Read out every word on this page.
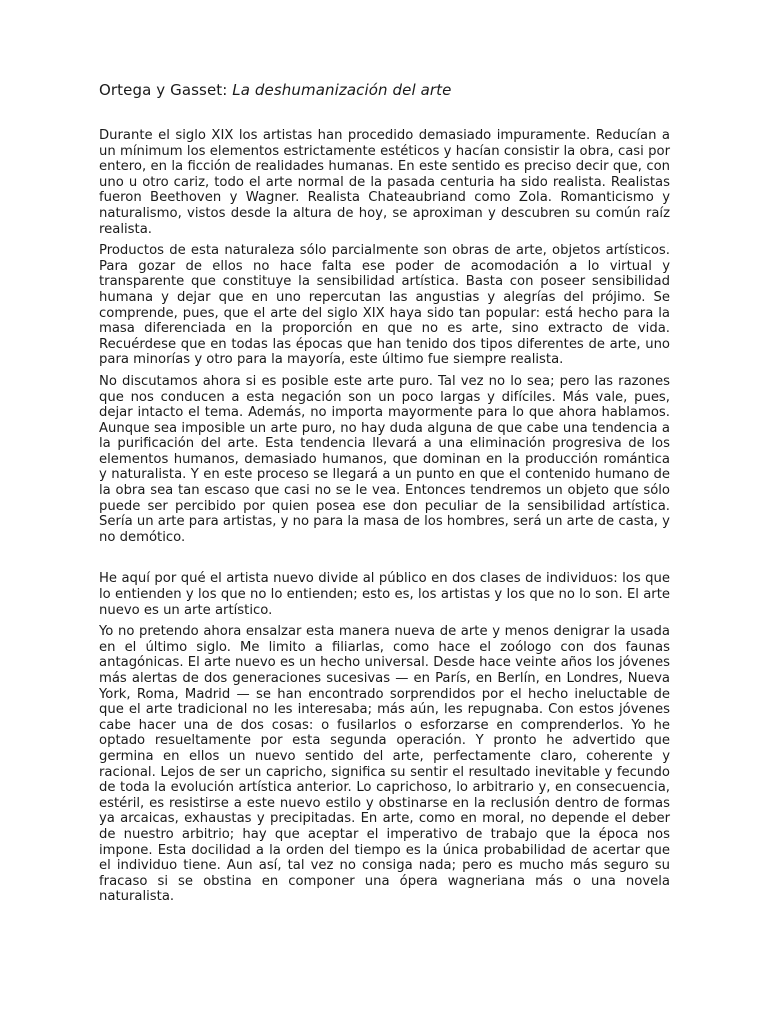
Ortega y Gasset: La deshumanización del arte

Durante el siglo XIX los artistas han procedido demasiado impuramente. Reducían a un mínimum los elementos estrictamente estéticos y hacían consistir la obra, casi por entero, en la ficción de realidades humanas. En este sentido es preciso decir que, con uno u otro cariz, todo el arte normal de la pasada centuria ha sido realista. Realistas fueron Beethoven y Wagner. Realista Chateaubriand como Zola. Romanticismo y naturalismo, vistos desde la altura de hoy, se aproximan y descubren su común raíz realista.

Productos de esta naturaleza sólo parcialmente son obras de arte, objetos artísticos. Para gozar de ellos no hace falta ese poder de acomodación a lo virtual y transparente que constituye la sensibilidad artística. Basta con poseer sensibilidad humana y dejar que en uno repercutan las angustias y alegrías del prójimo. Se comprende, pues, que el arte del siglo XIX haya sido tan popular: está hecho para la masa diferenciada en la proporción en que no es arte, sino extracto de vida. Recuérdese que en todas las épocas que han tenido dos tipos diferentes de arte, uno para minorías y otro para la mayoría, este último fue siempre realista.

No discutamos ahora si es posible este arte puro. Tal vez no lo sea; pero las razones que nos conducen a esta negación son un poco largas y difíciles. Más vale, pues, dejar intacto el tema. Además, no importa mayormente para lo que ahora hablamos. Aunque sea imposible un arte puro, no hay duda alguna de que cabe una tendencia a la purificación del arte. Esta tendencia llevará a una eliminación progresiva de los elementos humanos, demasiado humanos, que dominan en la producción romántica y naturalista. Y en este proceso se llegará a un punto en que el contenido humano de la obra sea tan escaso que casi no se le vea. Entonces tendremos un objeto que sólo puede ser percibido por quien posea ese don peculiar de la sensibilidad artística. Sería un arte para artistas, y no para la masa de los hombres, será un arte de casta, y no demótico.

He aquí por qué el artista nuevo divide al público en dos clases de individuos: los que lo entienden y los que no lo entienden; esto es, los artistas y los que no lo son. El arte nuevo es un arte artístico.

Yo no pretendo ahora ensalzar esta manera nueva de arte y menos denigrar la usada en el último siglo. Me limito a filiarlas, como hace el zoólogo con dos faunas antagónicas. El arte nuevo es un hecho universal. Desde hace veinte años los jóvenes más alertas de dos generaciones sucesivas — en París, en Berlín, en Londres, Nueva York, Roma, Madrid — se han encontrado sorprendidos por el hecho ineluctable de que el arte tradicional no les interesaba; más aún, les repugnaba. Con estos jóvenes cabe hacer una de dos cosas: o fusilarlos o esforzarse en comprenderlos. Yo he optado resueltamente por esta segunda operación. Y pronto he advertido que germina en ellos un nuevo sentido del arte, perfectamente claro, coherente y racional. Lejos de ser un capricho, significa su sentir el resultado inevitable y fecundo de toda la evolución artística anterior. Lo caprichoso, lo arbitrario y, en consecuencia, estéril, es resistirse a este nuevo estilo y obstinarse en la reclusión dentro de formas ya arcaicas, exhaustas y precipitadas. En arte, como en moral, no depende el deber de nuestro arbitrio; hay que aceptar el imperativo de trabajo que la época nos impone. Esta docilidad a la orden del tiempo es la única probabilidad de acertar que el individuo tiene. Aun así, tal vez no consiga nada; pero es mucho más seguro su fracaso si se obstina en componer una ópera wagneriana más o una novela naturalista.
